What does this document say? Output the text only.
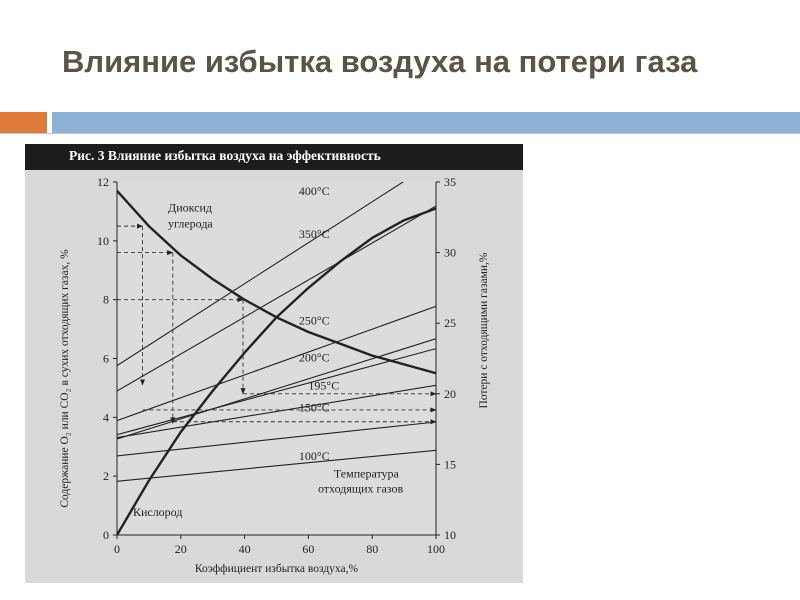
Влияние избытка воздуха на потери газа
Рис. 3 Влияние избытка воздуха на эффективность
0	20	40	60	80	100
0
2
4
6
8
10
12
10
15
20
25
30
35
Коэффициент избытка воздуха,%
Содержание O₂ или CO₂ в сухих отходящих газах, %	Потери с отходящими газами,%
Диоксид
углерода
400°С
350°С
250°С
200°С
195°С
150°С
100°С
Температура
отходящих газов
Кислород
